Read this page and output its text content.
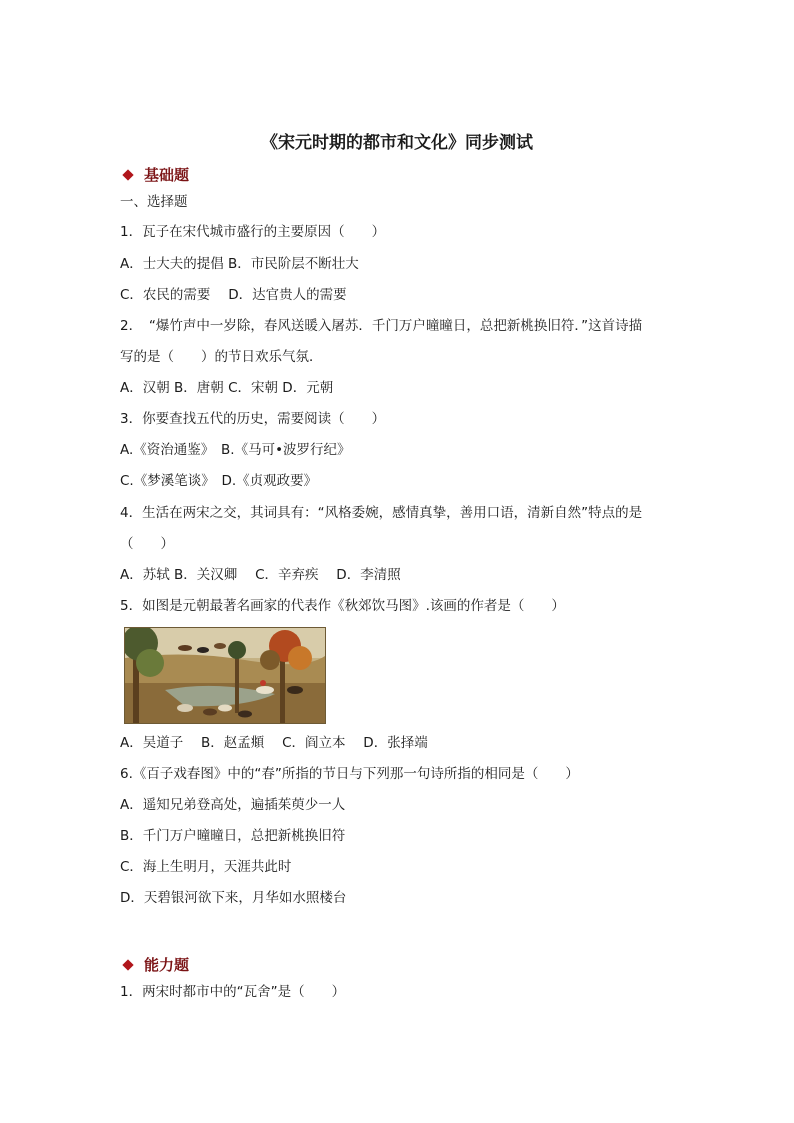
《宋元时期的都市和文化》同步测试
基础题
一、选择题
1．瓦子在宋代城市盛行的主要原因（　　）
A．士大夫的提倡 B．市民阶层不断壮大
C．农民的需要　 D．达官贵人的需要
2．　“爆竹声中一岁除，春风送暖入屠苏．千门万户曈曈日，总把新桃换旧符．”这首诗描
写的是（　　）的节日欢乐气氛．
A．汉朝 B．唐朝 C．宋朝 D．元朝
3．你要查找五代的历史，需要阅读（　　）
A.《资治通鉴》　B.《马可•波罗行纪》
C.《梦溪笔谈》　D.《贞观政要》
4．生活在两宋之交，其词具有：“风格委婉，感情真挚，善用口语，清新自然”特点的是
（　　）
A．苏轼 B．关汉卿　 C．辛弃疾　 D．李清照
5．如图是元朝最著名画家的代表作《秋郊饮马图》.该画的作者是（　　）
A．吴道子　 B．赵孟頫　 C．阎立本　 D．张择端
6.《百子戏春图》中的“春”所指的节日与下列那一句诗所指的相同是（　　）
A．遥知兄弟登高处，遍插茱萸少一人
B．千门万户曈曈日，总把新桃换旧符
C．海上生明月，天涯共此时
D．天碧银河欲下来，月华如水照楼台
能力题
1．两宋时都市中的“瓦舍”是（　　）
